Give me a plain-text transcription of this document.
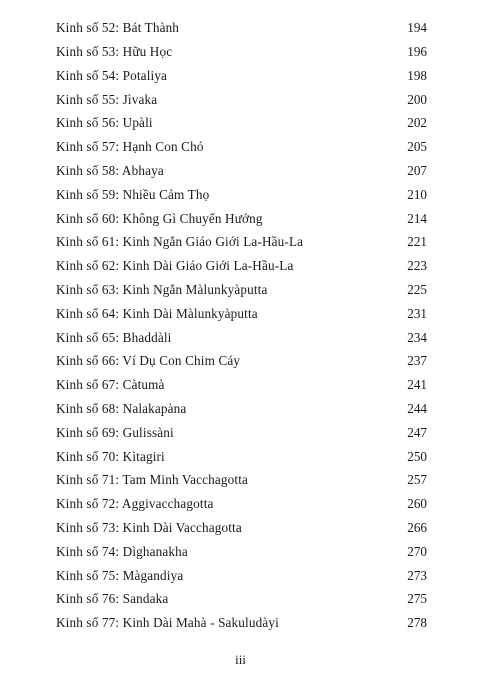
Kinh số 52: Bát Thành	194
Kinh số 53: Hữu Học	196
Kinh số 54: Potaliya	198
Kinh số 55: Jìvaka	200
Kinh số 56: Upàli	202
Kinh số 57: Hạnh Con Chó	205
Kinh số 58: Abhaya	207
Kinh số 59: Nhiều Cảm Thọ	210
Kinh số 60: Không Gì Chuyển Hướng	214
Kinh số 61: Kinh Ngắn Giáo Giới La-Hầu-La	221
Kinh số 62: Kinh Dài Giáo Giới La-Hầu-La	223
Kinh số 63: Kinh Ngắn Màlunkyàputta	225
Kinh số 64: Kinh Dài Màlunkyàputta	231
Kinh số 65: Bhaddàli	234
Kinh số 66: Ví Dụ Con Chim Cáy	237
Kinh số 67: Càtumà	241
Kinh số 68: Nalakapàna	244
Kinh số 69: Gulissàni	247
Kinh số 70: Kìtagiri	250
Kinh số 71: Tam Minh Vacchagotta	257
Kinh số 72: Aggivacchagotta	260
Kinh số 73: Kinh Dài Vacchagotta	266
Kinh số 74: Dìghanakha	270
Kinh số 75: Màgandiya	273
Kinh số 76: Sandaka	275
Kinh số 77: Kinh Dài Mahà - Sakuludàyi	278
iii
